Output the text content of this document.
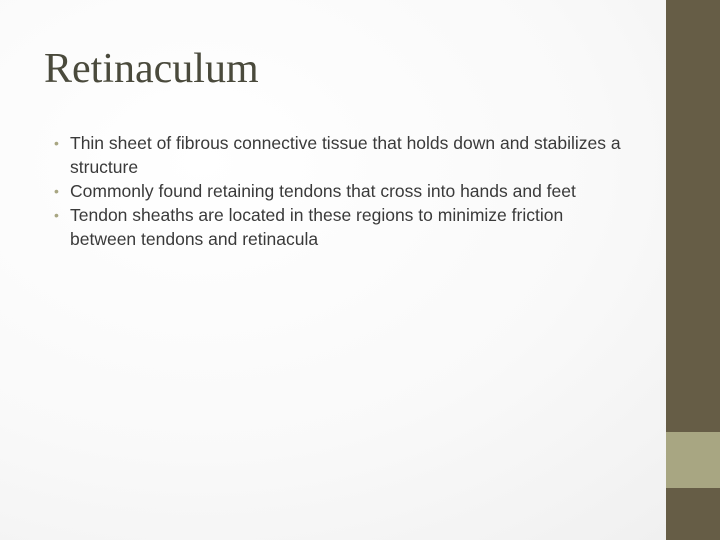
Retinaculum
• Thin sheet of fibrous connective tissue that holds down and stabilizes a structure
• Commonly found retaining tendons that cross into hands and feet
• Tendon sheaths are located in these regions to minimize friction between tendons and retinacula
